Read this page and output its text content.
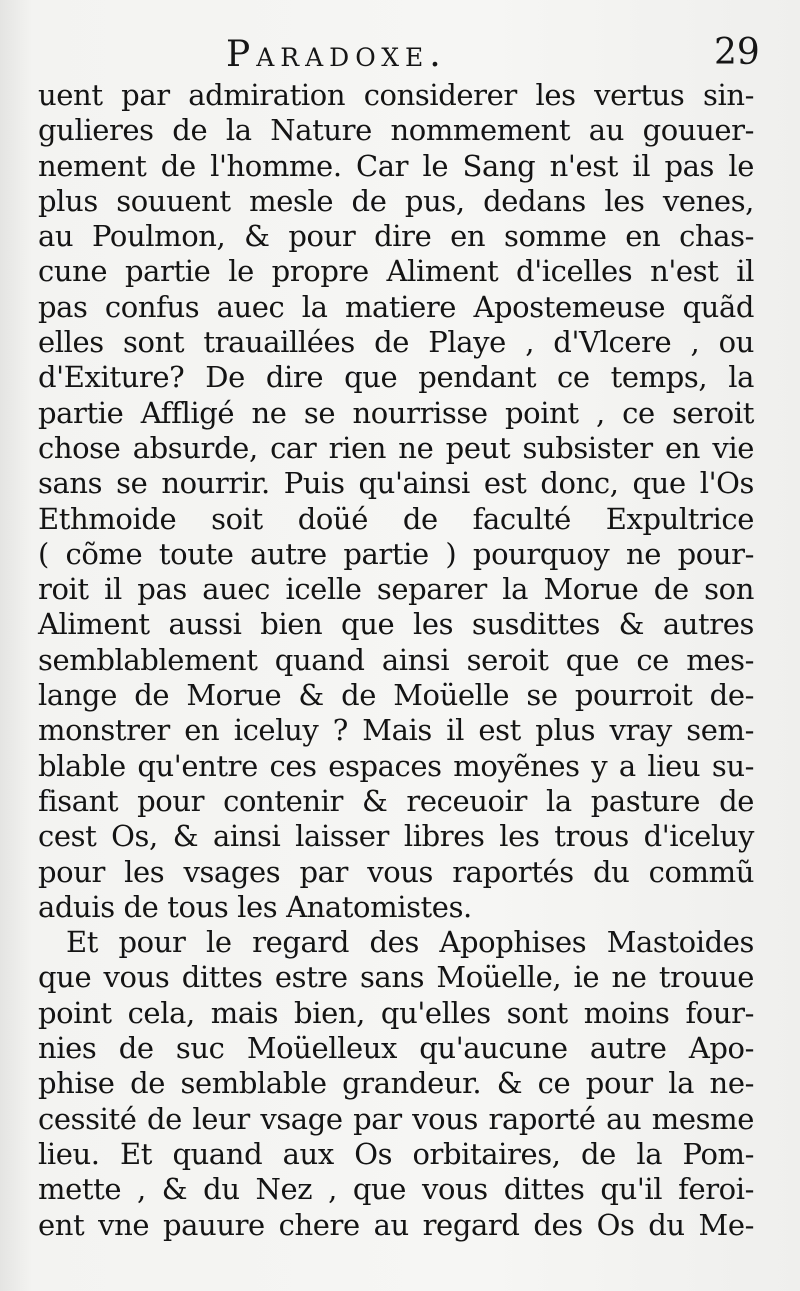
Paradoxe.	29
uent par admiration considerer les vertus sin-
gulieres de la Nature nommement au gouuer-
nement de l'homme. Car le Sang n'est il pas le
plus souuent mesle de pus, dedans les venes,
au Poulmon, & pour dire en somme en chas-
cune partie le propre Aliment d'icelles n'est il
pas confus auec la matiere Apostemeuse quãd
elles sont trauaillées de Playe , d'Vlcere , ou
d'Exiture? De dire que pendant ce temps, la
partie Affligé ne se nourrisse point , ce seroit
chose absurde, car rien ne peut subsister en vie
sans se nourrir. Puis qu'ainsi est donc, que l'Os
Ethmoide soit doüé de faculté Expultrice
( cõme toute autre partie ) pourquoy ne pour-
roit il pas auec icelle separer la Morue de son
Aliment aussi bien que les susdittes & autres
semblablement quand ainsi seroit que ce mes-
lange de Morue & de Moüelle se pourroit de-
monstrer en iceluy ? Mais il est plus vray sem-
blable qu'entre ces espaces moyẽnes y a lieu su-
fisant pour contenir & receuoir la pasture de
cest Os, & ainsi laisser libres les trous d'iceluy
pour les vsages par vous raportés du commũ
aduis de tous les Anatomistes.
Et pour le regard des Apophises Mastoides
que vous dittes estre sans Moüelle, ie ne trouue
point cela, mais bien, qu'elles sont moins four-
nies de suc Moüelleux qu'aucune autre Apo-
phise de semblable grandeur. & ce pour la ne-
cessité de leur vsage par vous raporté au mesme
lieu. Et quand aux Os orbitaires, de la Pom-
mette , & du Nez , que vous dittes qu'il feroi-
ent vne pauure chere au regard des Os du Me-
